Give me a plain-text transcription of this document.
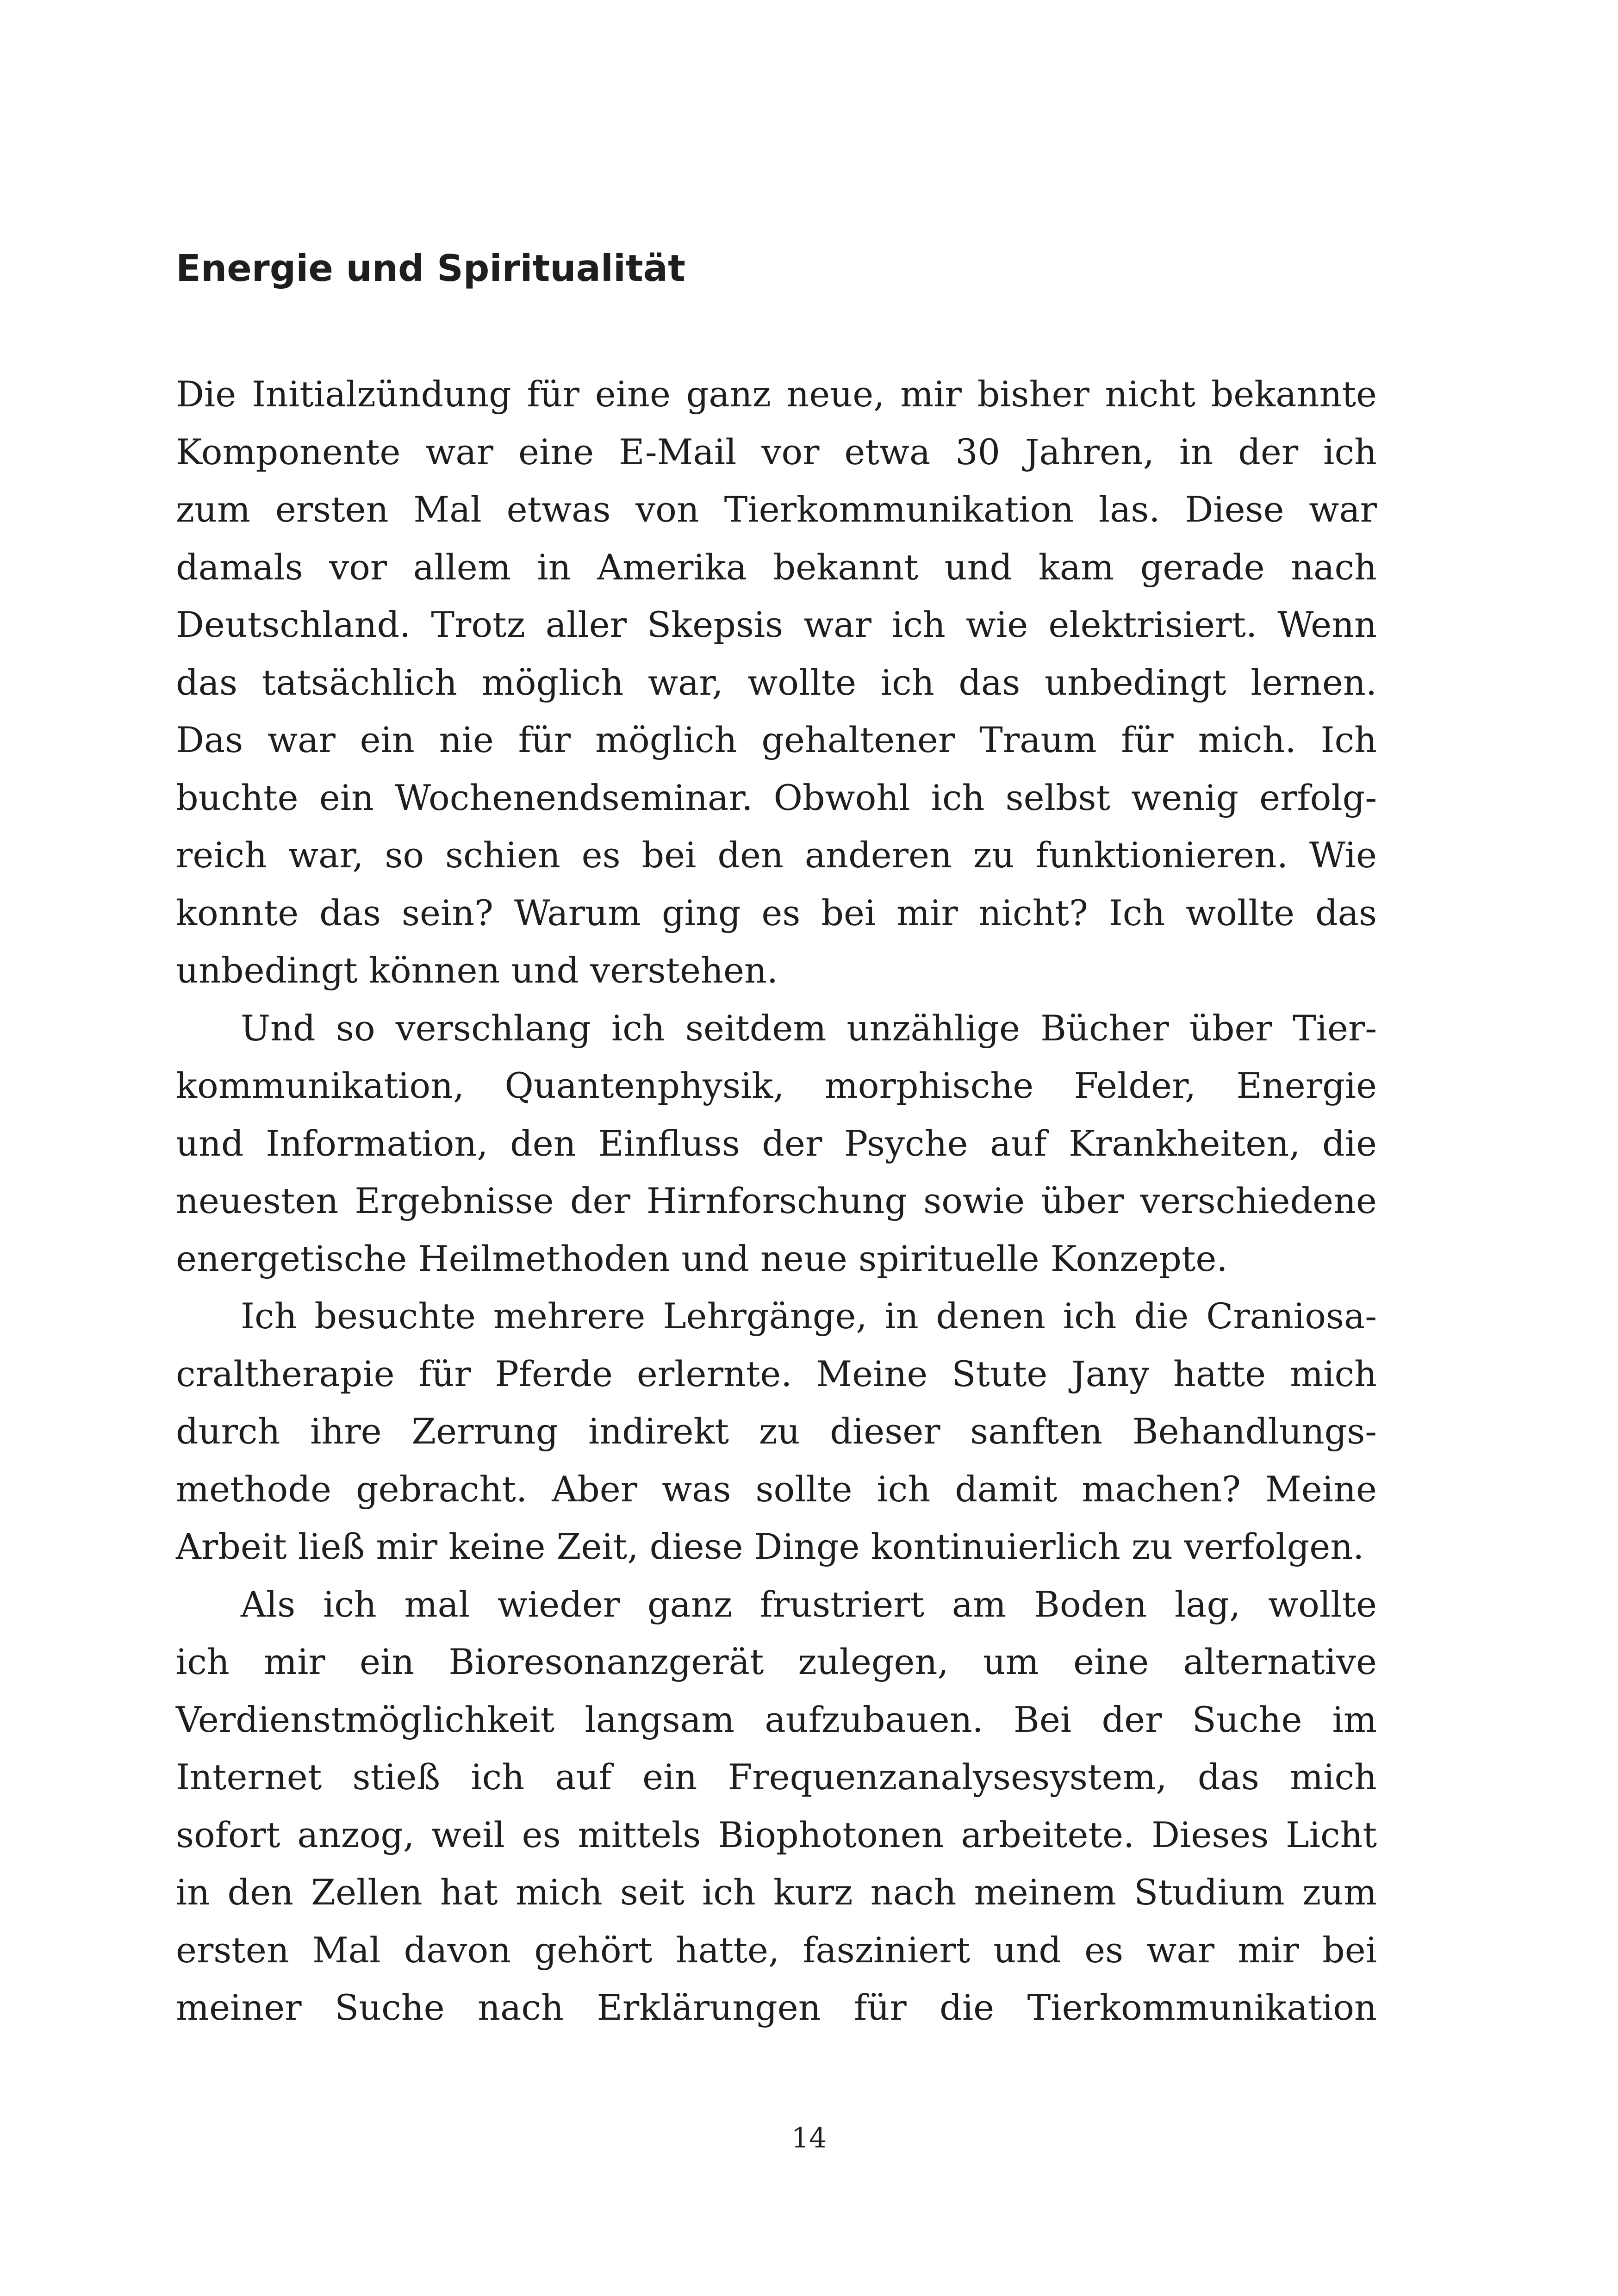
Energie und Spiritualität
Die Initialzündung für eine ganz neue, mir bisher nicht bekannte
Komponente war eine E-Mail vor etwa 30 Jahren, in der ich
zum ersten Mal etwas von Tierkommunikation las. Diese war
damals vor allem in Amerika bekannt und kam gerade nach
Deutschland. Trotz aller Skepsis war ich wie elektrisiert. Wenn
das tatsächlich möglich war, wollte ich das unbedingt lernen.
Das war ein nie für möglich gehaltener Traum für mich. Ich
buchte ein Wochenendseminar. Obwohl ich selbst wenig erfolg-
reich war, so schien es bei den anderen zu funktionieren. Wie
konnte das sein? Warum ging es bei mir nicht? Ich wollte das
unbedingt können und verstehen.
Und so verschlang ich seitdem unzählige Bücher über Tier-
kommunikation, Quantenphysik, morphische Felder, Energie
und Information, den Einfluss der Psyche auf Krankheiten, die
neuesten Ergebnisse der Hirnforschung sowie über verschiedene
energetische Heilmethoden und neue spirituelle Konzepte.
Ich besuchte mehrere Lehrgänge, in denen ich die Craniosa-
craltherapie für Pferde erlernte. Meine Stute Jany hatte mich
durch ihre Zerrung indirekt zu dieser sanften Behandlungs-
methode gebracht. Aber was sollte ich damit machen? Meine
Arbeit ließ mir keine Zeit, diese Dinge kontinuierlich zu verfolgen.
Als ich mal wieder ganz frustriert am Boden lag, wollte
ich mir ein Bioresonanzgerät zulegen, um eine alternative
Verdienstmöglichkeit langsam aufzubauen. Bei der Suche im
Internet stieß ich auf ein Frequenzanalysesystem, das mich
sofort anzog, weil es mittels Biophotonen arbeitete. Dieses Licht
in den Zellen hat mich seit ich kurz nach meinem Studium zum
ersten Mal davon gehört hatte, fasziniert und es war mir bei
meiner Suche nach Erklärungen für die Tierkommunikation
14
